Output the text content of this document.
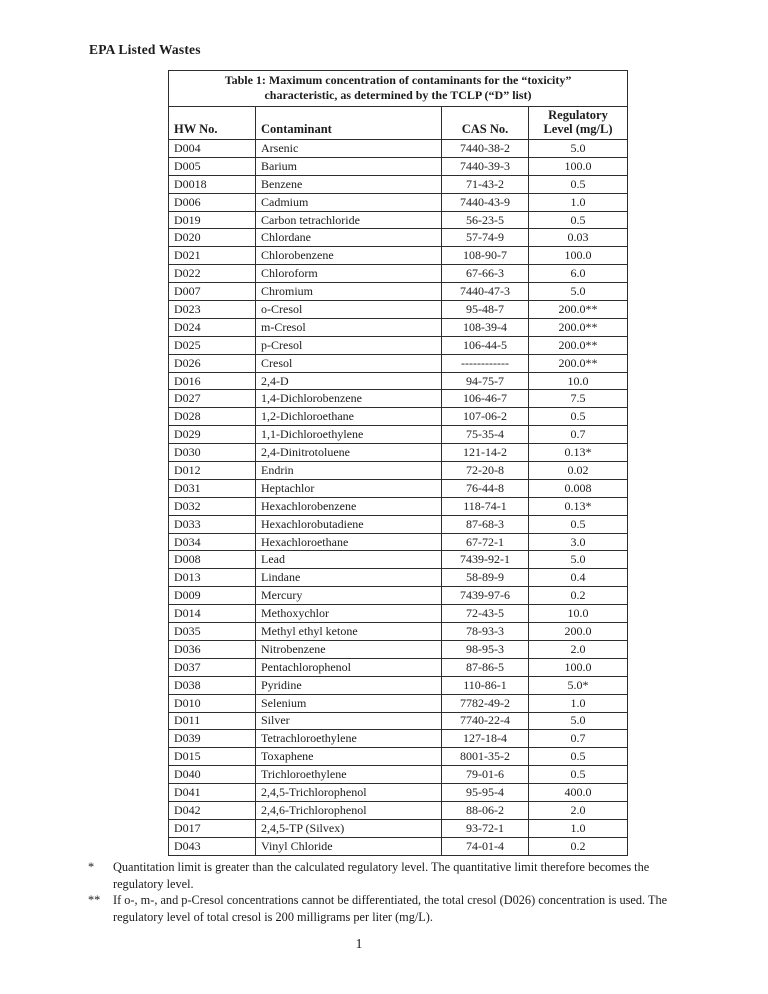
EPA Listed Wastes
Table 1: Maximum concentration of contaminants for the “toxicity”
characteristic, as determined by the TCLP (“D” list)			

HW No.	Contaminant	CAS No.	Regulatory
Level (mg/L)

D004	Arsenic	7440-38-2	5.0
D005	Barium	7440-39-3	100.0
D0018	Benzene	71-43-2	0.5
D006	Cadmium	7440-43-9	1.0
D019	Carbon tetrachloride	56-23-5	0.5
D020	Chlordane	57-74-9	0.03
D021	Chlorobenzene	108-90-7	100.0
D022	Chloroform	67-66-3	6.0
D007	Chromium	7440-47-3	5.0
D023	o-Cresol	95-48-7	200.0**
D024	m-Cresol	108-39-4	200.0**
D025	p-Cresol	106-44-5	200.0**
D026	Cresol	------------	200.0**
D016	2,4-D	94-75-7	10.0
D027	1,4-Dichlorobenzene	106-46-7	7.5
D028	1,2-Dichloroethane	107-06-2	0.5
D029	1,1-Dichloroethylene	75-35-4	0.7
D030	2,4-Dinitrotoluene	121-14-2	0.13*
D012	Endrin	72-20-8	0.02
D031	Heptachlor	76-44-8	0.008
D032	Hexachlorobenzene	118-74-1	0.13*
D033	Hexachlorobutadiene	87-68-3	0.5
D034	Hexachloroethane	67-72-1	3.0
D008	Lead	7439-92-1	5.0
D013	Lindane	58-89-9	0.4
D009	Mercury	7439-97-6	0.2
D014	Methoxychlor	72-43-5	10.0
D035	Methyl ethyl ketone	78-93-3	200.0
D036	Nitrobenzene	98-95-3	2.0
D037	Pentachlorophenol	87-86-5	100.0
D038	Pyridine	110-86-1	5.0*
D010	Selenium	7782-49-2	1.0
D011	Silver	7740-22-4	5.0
D039	Tetrachloroethylene	127-18-4	0.7
D015	Toxaphene	8001-35-2	0.5
D040	Trichloroethylene	79-01-6	0.5
D041	2,4,5-Trichlorophenol	95-95-4	400.0
D042	2,4,6-Trichlorophenol	88-06-2	2.0
D017	2,4,5-TP (Silvex)	93-72-1	1.0
D043	Vinyl Chloride	74-01-4	0.2
*	Quantitation limit is greater than the calculated regulatory level. The quantitative limit therefore becomes the regulatory level.
**	If o-, m-, and p-Cresol concentrations cannot be differentiated, the total cresol (D026) concentration is used. The regulatory level of total cresol is 200 milligrams per liter (mg/L).
1
